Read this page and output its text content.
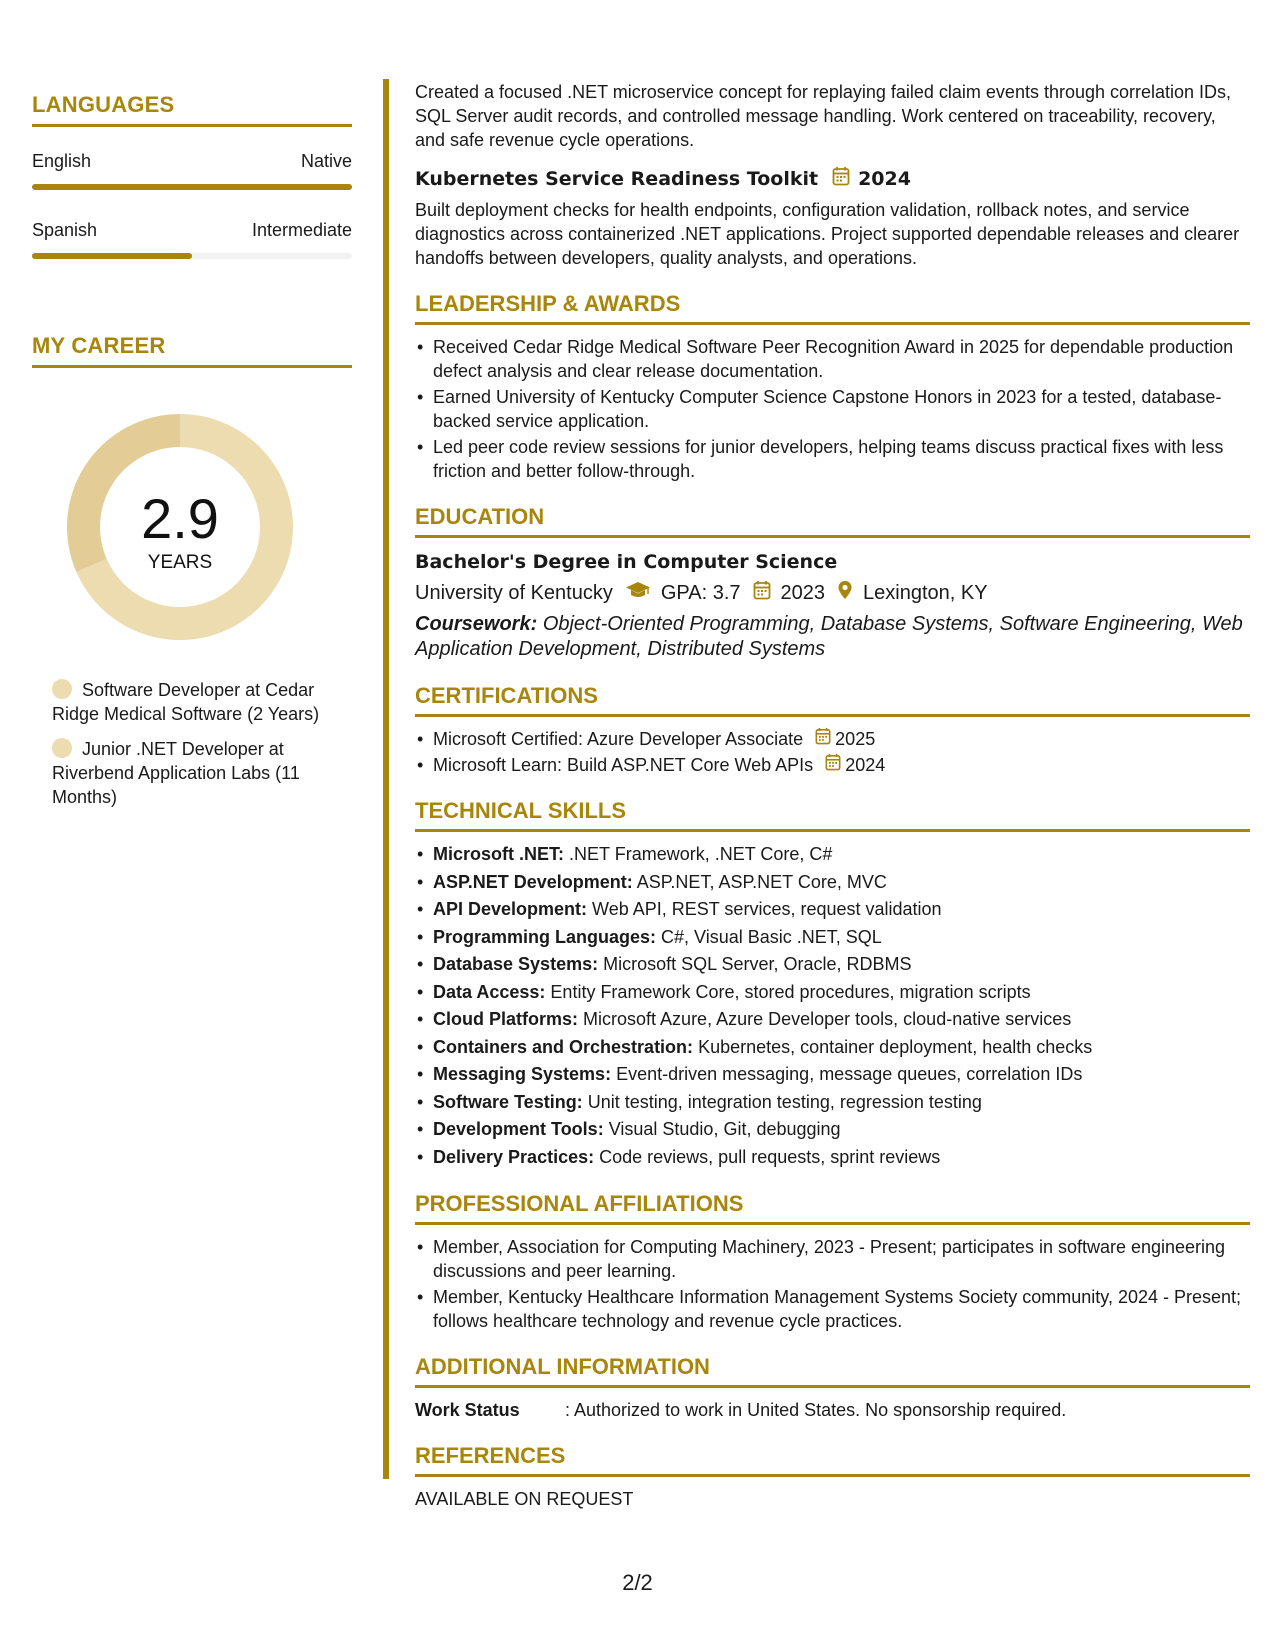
LANGUAGES
English	Native
Spanish	Intermediate
MY CAREER
2.9
YEARS
Software Developer at Cedar Ridge Medical Software (2 Years)
Junior .NET Developer at Riverbend Application Labs (11 Months)

Created a focused .NET microservice concept for replaying failed claim events through correlation IDs, SQL Server audit records, and controlled message handling. Work centered on traceability, recovery, and safe revenue cycle operations.

Kubernetes Service Readiness Toolkit 2024

Built deployment checks for health endpoints, configuration validation, rollback notes, and service diagnostics across containerized .NET applications. Project supported dependable releases and clearer handoffs between developers, quality analysts, and operations.

LEADERSHIP & AWARDS
• Received Cedar Ridge Medical Software Peer Recognition Award in 2025 for dependable production defect analysis and clear release documentation.
• Earned University of Kentucky Computer Science Capstone Honors in 2023 for a tested, database-backed service application.
• Led peer code review sessions for junior developers, helping teams discuss practical fixes with less friction and better follow-through.
EDUCATION
Bachelor's Degree in Computer Science
University of Kentucky GPA: 3.7 2023 Lexington, KY
Coursework: Object-Oriented Programming, Database Systems, Software Engineering, Web Application Development, Distributed Systems
CERTIFICATIONS
• Microsoft Certified: Azure Developer Associate 2025
• Microsoft Learn: Build ASP.NET Core Web APIs 2024
TECHNICAL SKILLS
• Microsoft .NET: .NET Framework, .NET Core, C#
• ASP.NET Development: ASP.NET, ASP.NET Core, MVC
• API Development: Web API, REST services, request validation
• Programming Languages: C#, Visual Basic .NET, SQL
• Database Systems: Microsoft SQL Server, Oracle, RDBMS
• Data Access: Entity Framework Core, stored procedures, migration scripts
• Cloud Platforms: Microsoft Azure, Azure Developer tools, cloud-native services
• Containers and Orchestration: Kubernetes, container deployment, health checks
• Messaging Systems: Event-driven messaging, message queues, correlation IDs
• Software Testing: Unit testing, integration testing, regression testing
• Development Tools: Visual Studio, Git, debugging
• Delivery Practices: Code reviews, pull requests, sprint reviews
PROFESSIONAL AFFILIATIONS
• Member, Association for Computing Machinery, 2023 - Present; participates in software engineering discussions and peer learning.
• Member, Kentucky Healthcare Information Management Systems Society community, 2024 - Present; follows healthcare technology and revenue cycle practices.
ADDITIONAL INFORMATION
Work Status	: Authorized to work in United States. No sponsorship required.
REFERENCES
AVAILABLE ON REQUEST
2/2
